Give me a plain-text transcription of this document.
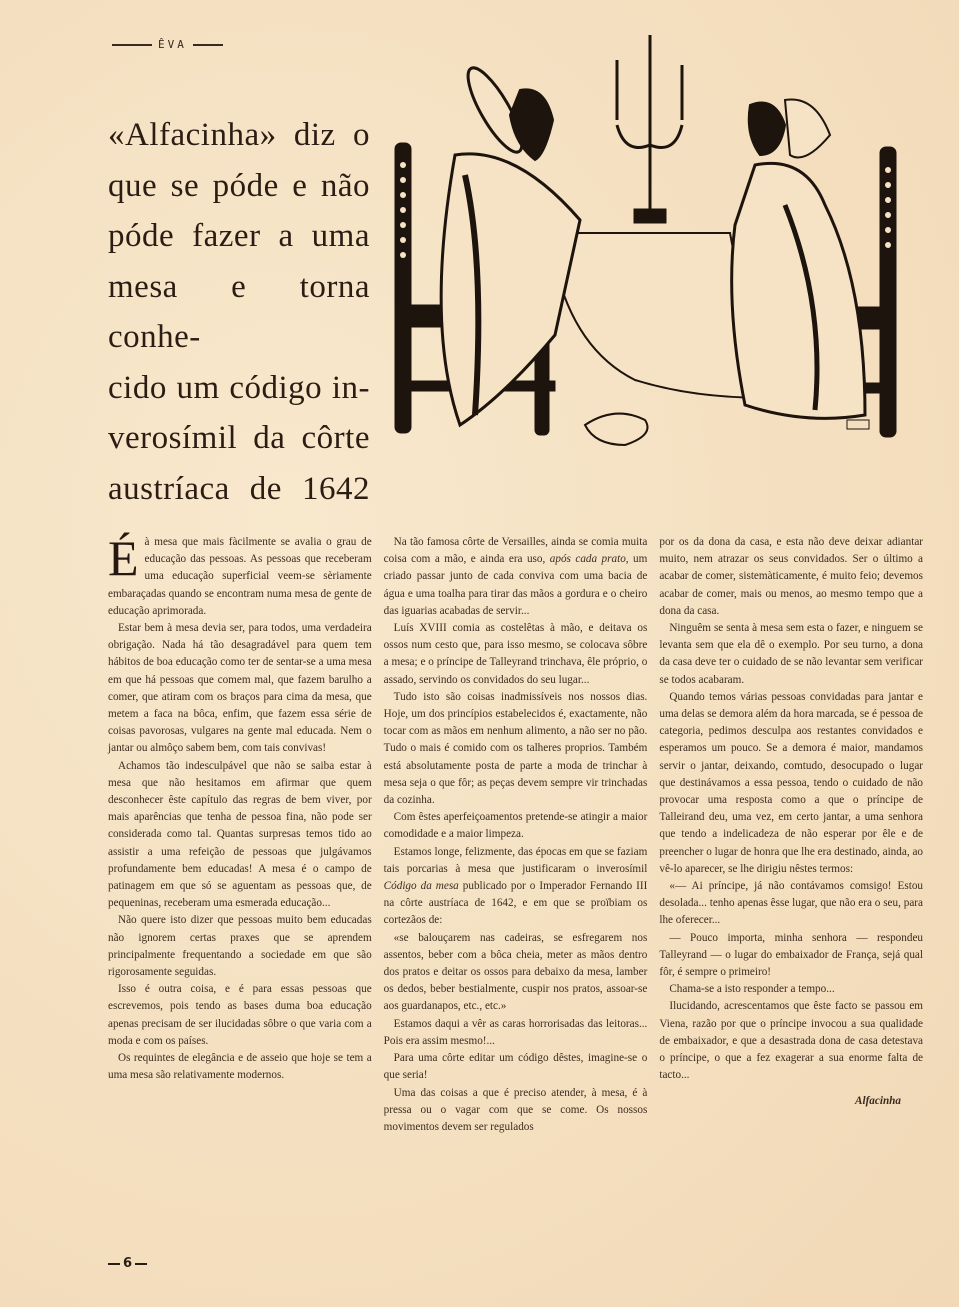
ÊVA
«Alfacinha» diz o
que se póde e não
póde fazer a uma
mesa e torna conhe-
cido um código in-
verosímil da côrte
austríaca de 1642

É à mesa que mais fàcilmente se avalia o grau de educação das pessoas. As pessoas que receberam uma educação superficial veem-se sèriamente embaraçadas quando se encontram numa mesa de gente de educação aprimorada.

Estar bem à mesa devia ser, para todos, uma verdadeira obrigação. Nada há tão desagradável para quem tem hábitos de boa educação como ter de sentar-se a uma mesa em que há pessoas que comem mal, que fazem barulho a comer, que atiram com os braços para cima da mesa, que metem a faca na bôca, enfim, que fazem essa série de coisas pavorosas, vulgares na gente mal educada. Nem o jantar ou almôço sabem bem, com tais convivas!

Achamos tão indesculpável que não se saiba estar à mesa que não hesitamos em afirmar que quem desconhecer êste capítulo das regras de bem viver, por mais aparências que tenha de pessoa fina, não pode ser considerada como tal. Quantas surpresas temos tido ao assistir a uma refeição de pessoas que julgávamos profundamente bem educadas! A mesa é o campo de patinagem em que só se aguentam as pessoas que, de pequeninas, receberam uma esmerada educação...

Não quere isto dizer que pessoas muito bem educadas não ignorem certas praxes que se aprendem principalmente frequentando a sociedade em que são rigorosamente seguidas.

Isso é outra coisa, e é para essas pessoas que escrevemos, pois tendo as bases duma boa educação apenas precisam de ser ilucidadas sôbre o que varia com a moda e com os países.

Os requintes de elegância e de asseio que hoje se tem a uma mesa são relativamente modernos.

Na tão famosa côrte de Versailles, ainda se comia muita coisa com a mão, e ainda era uso, após cada prato, um criado passar junto de cada conviva com uma bacia de água e uma toalha para tirar das mãos a gordura e o cheiro das iguarias acabadas de servir...

Luís XVIII comia as costelêtas à mão, e deitava os ossos num cesto que, para isso mesmo, se colocava sôbre a mesa; e o príncipe de Talleyrand trinchava, êle próprio, o assado, servindo os convidados do seu lugar...

Tudo isto são coisas inadmissíveis nos nossos dias. Hoje, um dos princípios estabelecidos é, exactamente, não tocar com as mãos em nenhum alimento, a não ser no pão. Tudo o mais é comido com os talheres proprios. Também está absolutamente posta de parte a moda de trinchar à mesa seja o que fôr; as peças devem sempre vir trinchadas da cozinha.

Com êstes aperfeiçoamentos pretende-se atingir a maior comodidade e a maior limpeza.

Estamos longe, felizmente, das épocas em que se faziam tais porcarias à mesa que justificaram o inverosímil Código da mesa publicado por o Imperador Fernando III na côrte austríaca de 1642, e em que se proïbiam os cortezãos de:

«se balouçarem nas cadeiras, se esfregarem nos assentos, beber com a bôca cheia, meter as mãos dentro dos pratos e deitar os ossos para debaixo da mesa, lamber os dedos, beber bestialmente, cuspir nos pratos, assoar-se aos guardanapos, etc., etc.»

Estamos daqui a vêr as caras horrorisadas das leitoras... Pois era assim mesmo!...

Para uma côrte editar um código dêstes, imagine-se o que seria!

Uma das coisas a que é preciso atender, à mesa, é à pressa ou o vagar com que se come. Os nossos movimentos devem ser regulados

por os da dona da casa, e esta não deve deixar adiantar muito, nem atrazar os seus convidados. Ser o último a acabar de comer, sistemàticamente, é muito feio; devemos acabar de comer, mais ou menos, ao mesmo tempo que a dona da casa.

Ninguêm se senta à mesa sem esta o fazer, e ninguem se levanta sem que ela dê o exemplo. Por seu turno, a dona da casa deve ter o cuidado de se não levantar sem verificar se todos acabaram.

Quando temos várias pessoas convidadas para jantar e uma delas se demora além da hora marcada, se é pessoa de categoria, pedimos desculpa aos restantes convidados e esperamos um pouco. Se a demora é maior, mandamos servir o jantar, deixando, comtudo, desocupado o lugar que destinávamos a essa pessoa, tendo o cuidado de não provocar uma resposta como a que o príncipe de Talleirand deu, uma vez, em certo jantar, a uma senhora que tendo a indelicadeza de não esperar por êle e de preencher o lugar de honra que lhe era destinado, ainda, ao vê-lo aparecer, se lhe dirigiu nêstes termos:

«— Ai príncipe, já não contávamos comsigo! Estou desolada... tenho apenas êsse lugar, que não era o seu, para lhe oferecer...

— Pouco importa, minha senhora — respondeu Talleyrand — o lugar do embaixador de França, sejá qual fôr, é sempre o primeiro!

Chama-se a isto responder a tempo...

Ilucidando, acrescentamos que êste facto se passou em Viena, razão por que o príncipe invocou a sua qualidade de embaixador, e que a desastrada dona de casa detestava o príncipe, o que a fez exagerar a sua enorme falta de tacto...

Alfacinha
6
